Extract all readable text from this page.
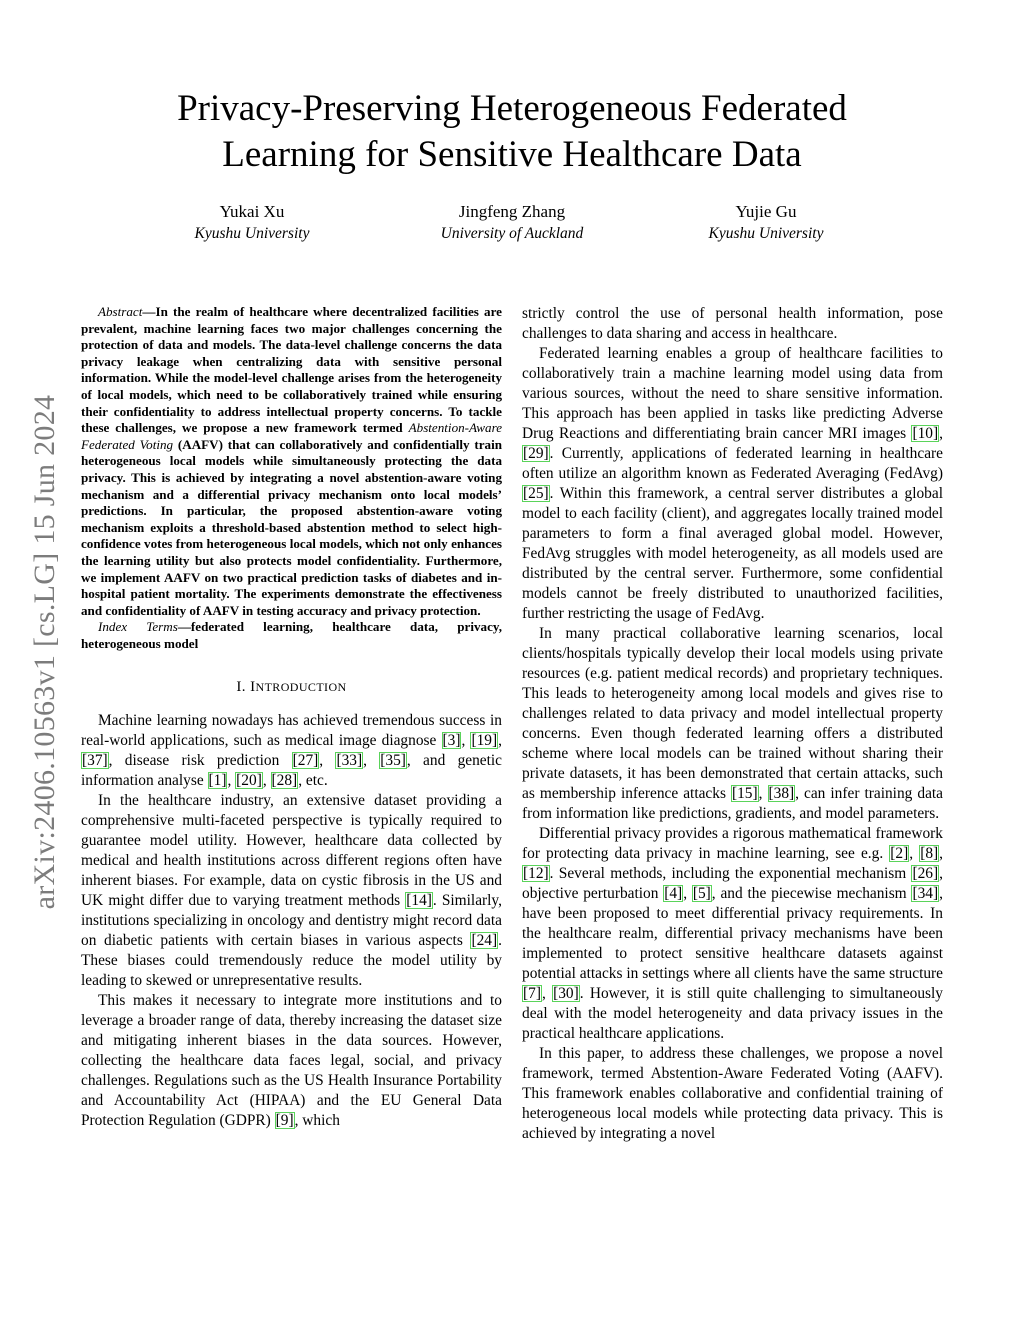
Privacy-Preserving Heterogeneous Federated
Learning for Sensitive Healthcare Data
Yukai Xu
Kyushu University
Jingfeng Zhang
University of Auckland
Yujie Gu
Kyushu University
arXiv:2406.10563v1 [cs.LG] 15 Jun 2024

Abstract—In the realm of healthcare where decentralized facilities are prevalent, machine learning faces two major challenges concerning the protection of data and models. The data-level challenge concerns the data privacy leakage when centralizing data with sensitive personal information. While the model-level challenge arises from the heterogeneity of local models, which need to be collaboratively trained while ensuring their confidentiality to address intellectual property concerns. To tackle these challenges, we propose a new framework termed Abstention-Aware Federated Voting (AAFV) that can collaboratively and confidentially train heterogeneous local models while simultaneously protecting the data privacy. This is achieved by integrating a novel abstention-aware voting mechanism and a differential privacy mechanism onto local models’ predictions. In particular, the proposed abstention-aware voting mechanism exploits a threshold-based abstention method to select high-confidence votes from heterogeneous local models, which not only enhances the learning utility but also protects model confidentiality. Furthermore, we implement AAFV on two practical prediction tasks of diabetes and in-hospital patient mortality. The experiments demonstrate the effectiveness and confidentiality of AAFV in testing accuracy and privacy protection.

Index Terms—federated learning, healthcare data, privacy, heterogeneous model

I. INTRODUCTION

Machine learning nowadays has achieved tremendous success in real-world applications, such as medical image diagnose [3], [19], [37], disease risk prediction [27], [33], [35], and genetic information analyse [1], [20], [28], etc.

In the healthcare industry, an extensive dataset providing a comprehensive multi-faceted perspective is typically required to guarantee model utility. However, healthcare data collected by medical and health institutions across different regions often have inherent biases. For example, data on cystic fibrosis in the US and UK might differ due to varying treatment methods [14]. Similarly, institutions specializing in oncology and dentistry might record data on diabetic patients with certain biases in various aspects [24]. These biases could tremendously reduce the model utility by leading to skewed or unrepresentative results.

This makes it necessary to integrate more institutions and to leverage a broader range of data, thereby increasing the dataset size and mitigating inherent biases in the data sources. However, collecting the healthcare data faces legal, social, and privacy challenges. Regulations such as the US Health Insurance Portability and Accountability Act (HIPAA) and the EU General Data Protection Regulation (GDPR) [9], which

strictly control the use of personal health information, pose challenges to data sharing and access in healthcare.

Federated learning enables a group of healthcare facilities to collaboratively train a machine learning model using data from various sources, without the need to share sensitive information. This approach has been applied in tasks like predicting Adverse Drug Reactions and differentiating brain cancer MRI images [10], [29]. Currently, applications of federated learning in healthcare often utilize an algorithm known as Federated Averaging (FedAvg) [25]. Within this framework, a central server distributes a global model to each facility (client), and aggregates locally trained model parameters to form a final averaged global model. However, FedAvg struggles with model heterogeneity, as all models used are distributed by the central server. Furthermore, some confidential models cannot be freely distributed to unauthorized facilities, further restricting the usage of FedAvg.

In many practical collaborative learning scenarios, local clients/hospitals typically develop their local models using private resources (e.g. patient medical records) and proprietary techniques. This leads to heterogeneity among local models and gives rise to challenges related to data privacy and model intellectual property concerns. Even though federated learning offers a distributed scheme where local models can be trained without sharing their private datasets, it has been demonstrated that certain attacks, such as membership inference attacks [15], [38], can infer training data from information like predictions, gradients, and model parameters.

Differential privacy provides a rigorous mathematical framework for protecting data privacy in machine learning, see e.g. [2], [8], [12]. Several methods, including the exponential mechanism [26], objective perturbation [4], [5], and the piecewise mechanism [34], have been proposed to meet differential privacy requirements. In the healthcare realm, differential privacy mechanisms have been implemented to protect sensitive healthcare datasets against potential attacks in settings where all clients have the same structure [7], [30]. However, it is still quite challenging to simultaneously deal with the model heterogeneity and data privacy issues in the practical healthcare applications.

In this paper, to address these challenges, we propose a novel framework, termed Abstention-Aware Federated Voting (AAFV). This framework enables collaborative and confidential training of heterogeneous local models while protecting data privacy. This is achieved by integrating a novel
